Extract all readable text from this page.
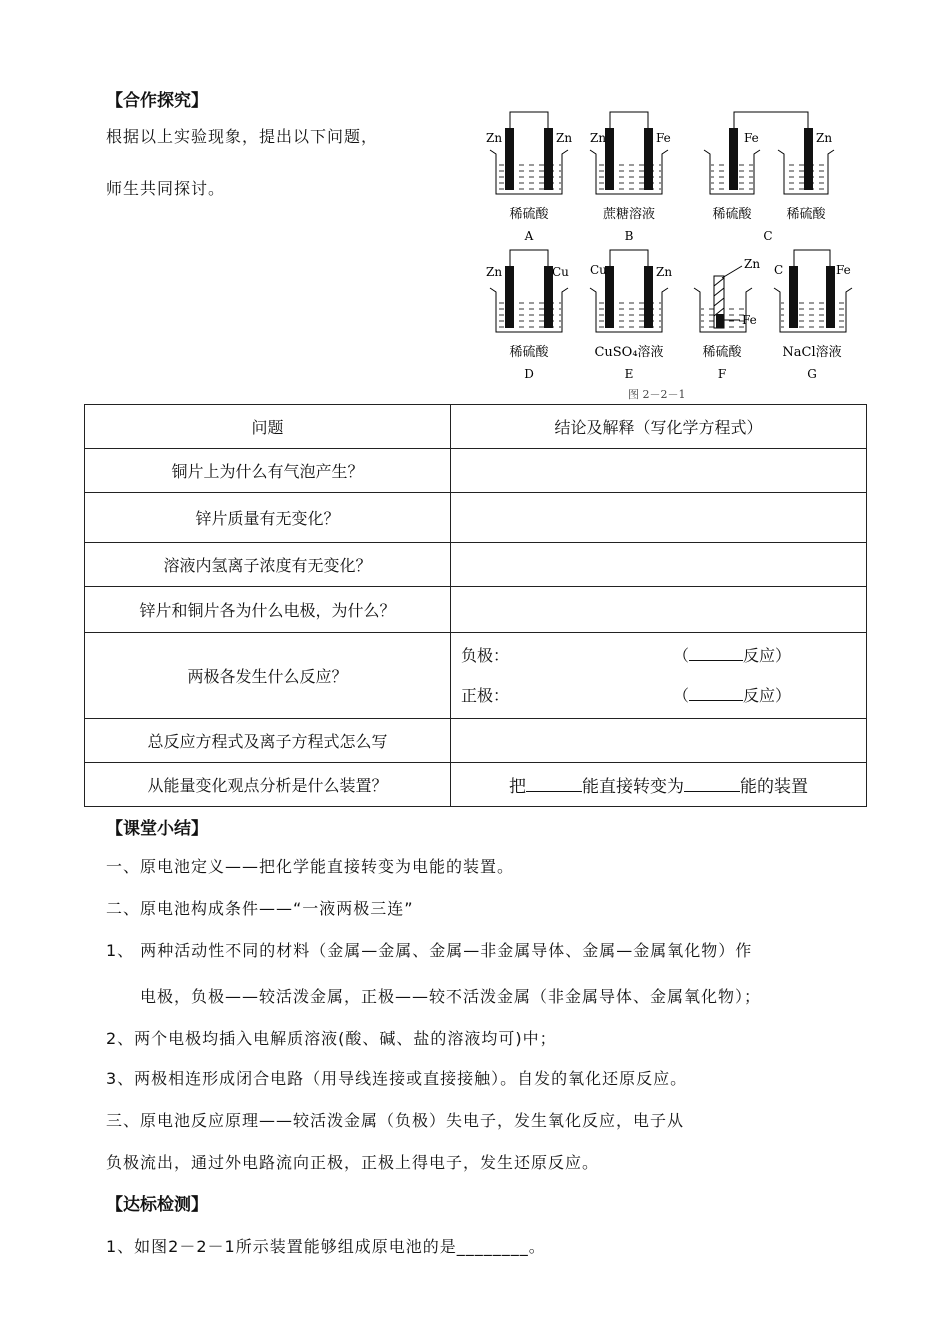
【合作探究】
根据以上实验现象，提出以下问题，
师生共同探讨。
Zn	Zn
稀硫酸
A
Zn	Fe
蔗糖溶液
B
Fe	Zn
稀硫酸	稀硫酸
C
Zn	Cu
稀硫酸
D
Cu	Zn
CuSO₄溶液
E
Zn
Fe
稀硫酸
F
C	Fe
NaCl溶液
G
图 2－2－1
问题	结论及解释（写化学方程式）
铜片上为什么有气泡产生？	
锌片质量有无变化？	
溶液内氢离子浓度有无变化？	
锌片和铜片各为什么电极，为什么？	
两极各发生什么反应？	负极： （ 反应）
正极： （ 反应）

总反应方程式及离子方程式怎么写	
从能量变化观点分析是什么装置？	把 能直接转变为 能的装置
【课堂小结】
一、原电池定义——把化学能直接转变为电能的装置。
二、原电池构成条件——“一液两极三连”
1、 两种活动性不同的材料（金属—金属、金属—非金属导体、金属—金属氧化物）作
电极，负极——较活泼金属，正极——较不活泼金属（非金属导体、金属氧化物）；
2、两个电极均插入电解质溶液(酸、碱、盐的溶液均可)中；
3、两极相连形成闭合电路（用导线连接或直接接触）。自发的氧化还原反应。
三、原电池反应原理——较活泼金属（负极）失电子，发生氧化反应，电子从
负极流出，通过外电路流向正极，正极上得电子，发生还原反应。
【达标检测】
1、如图2－2－1所示装置能够组成原电池的是________。
